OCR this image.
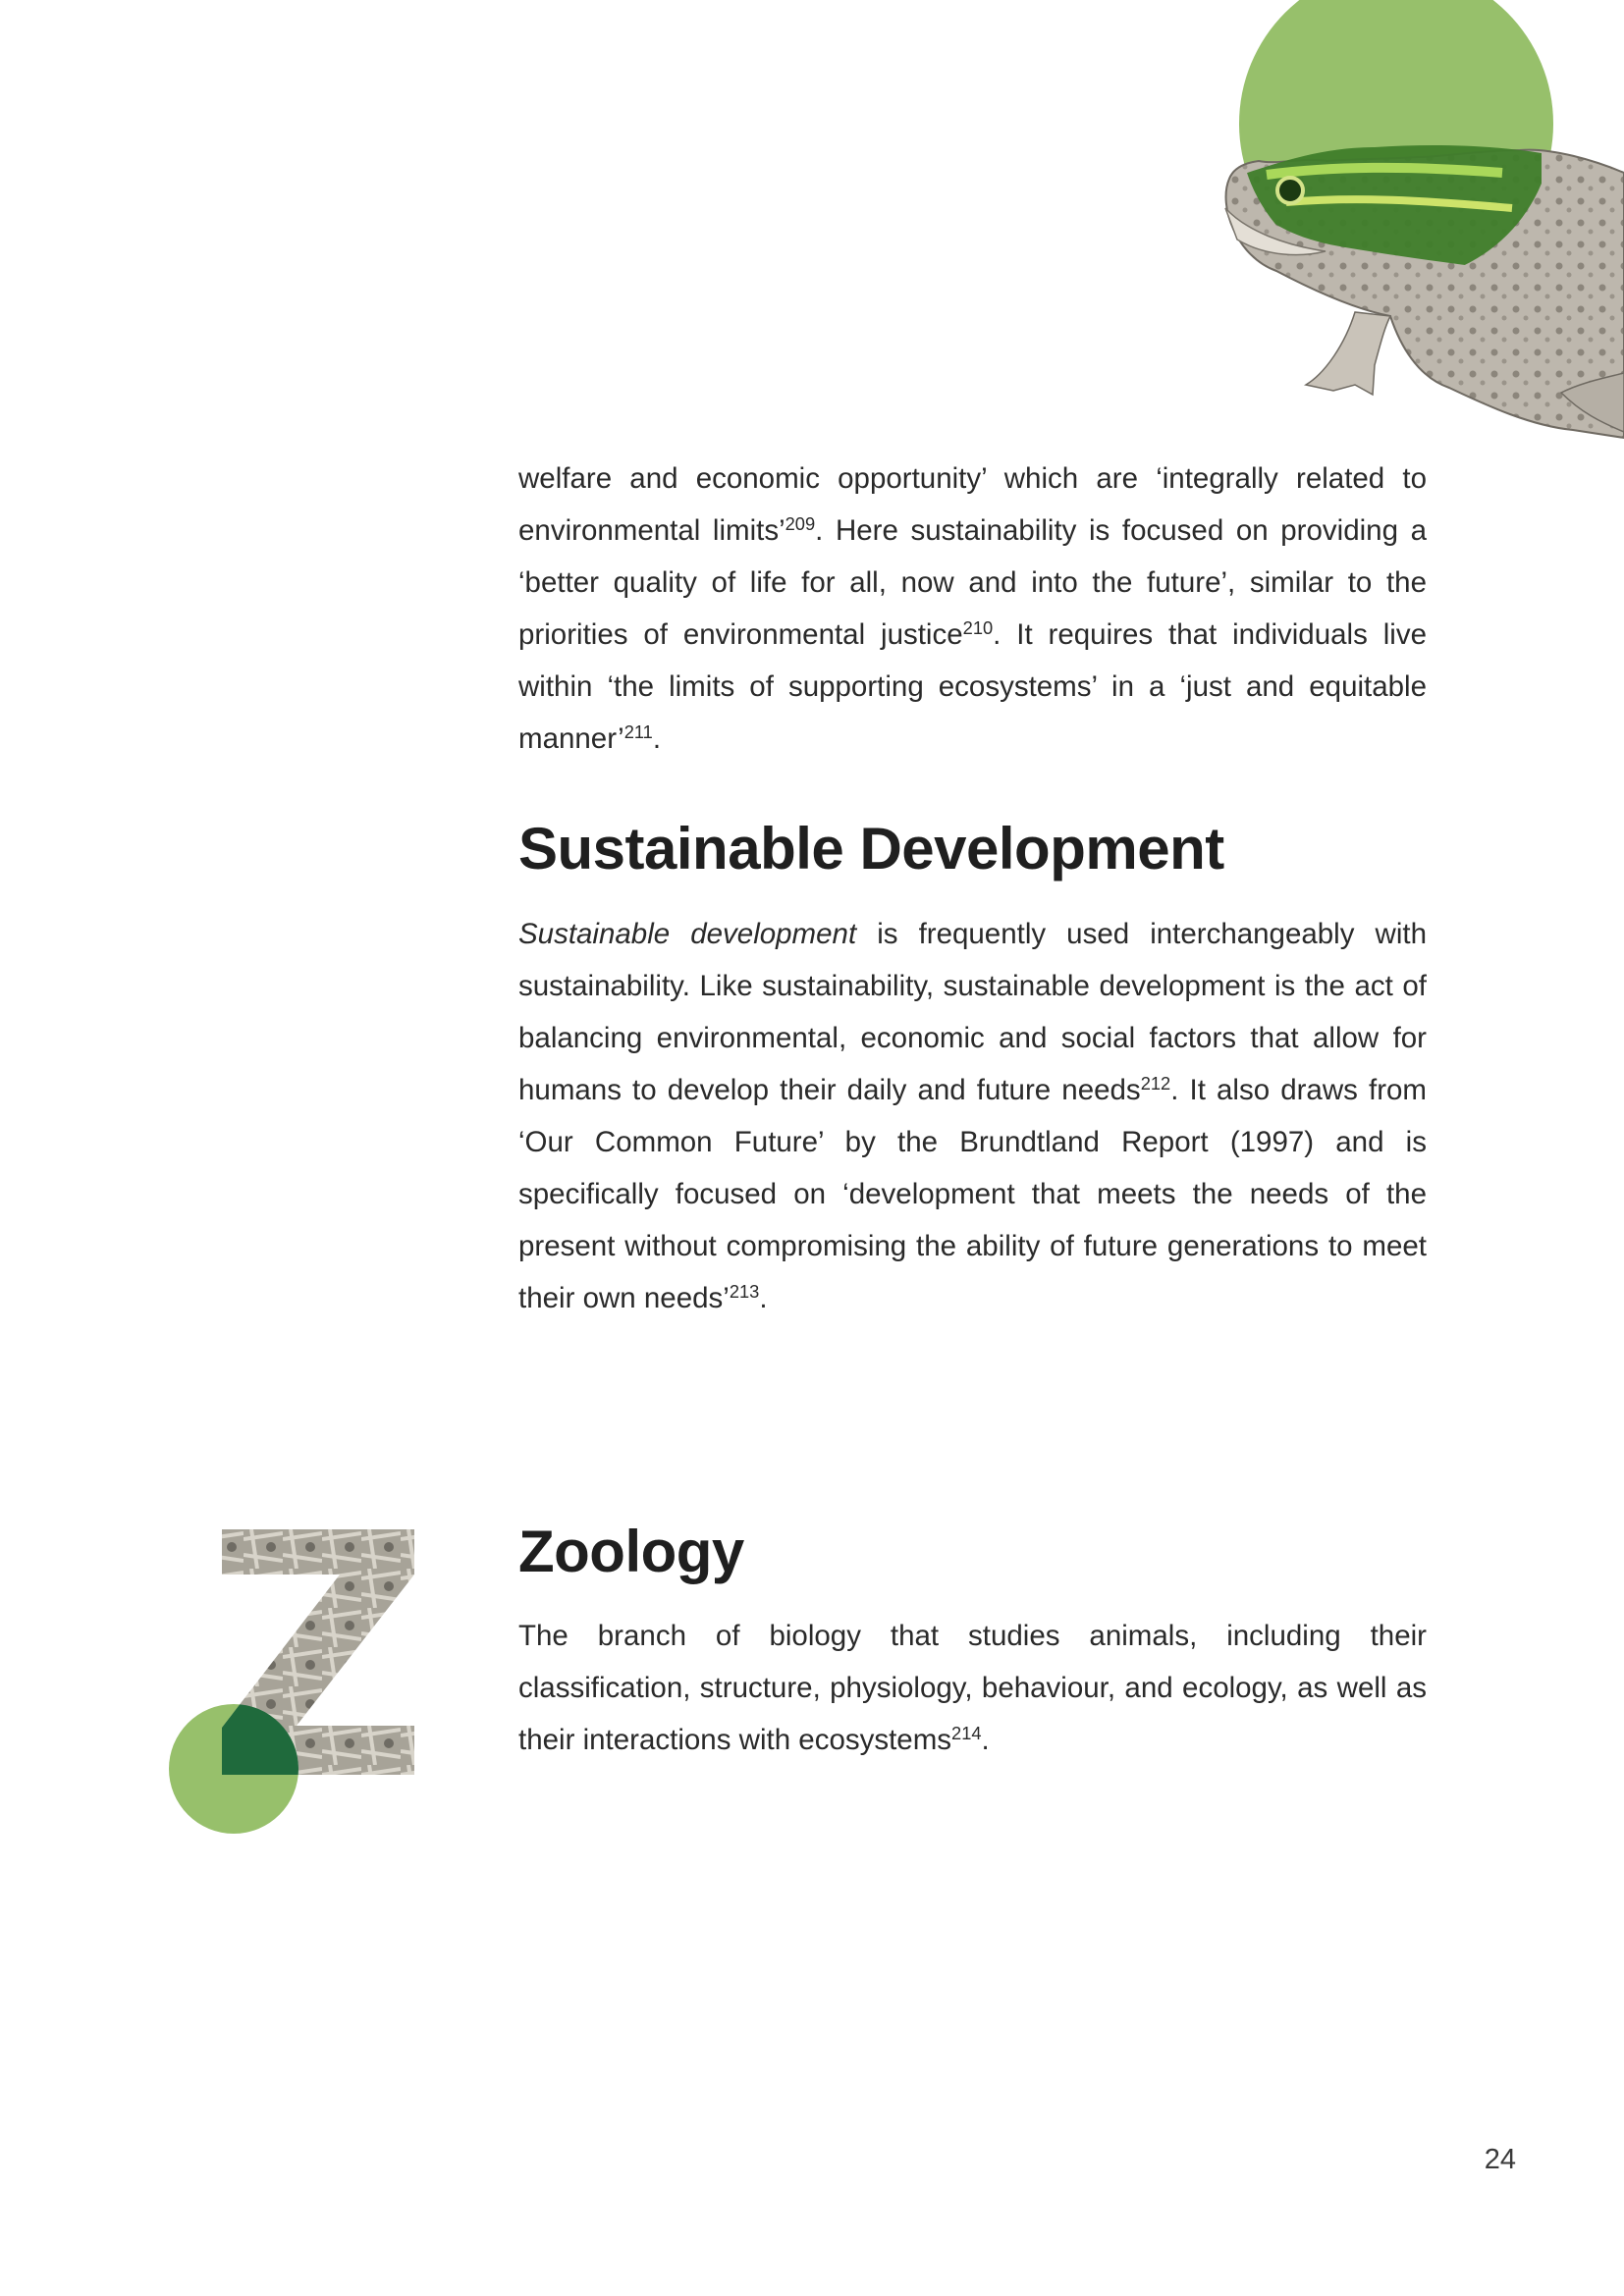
welfare and economic opportunity’ which are ‘integrally related to environmental limits’$^{209}$. Here sustainability is focused on providing a ‘better quality of life for all, now and into the future’, similar to the priorities of environmental justice$^{210}$. It requires that individuals live within ‘the limits of supporting ecosystems’ in a ‘just and equitable manner’$^{211}$.
Sustainable Development
Sustainable development is frequently used interchangeably with sustainability. Like sustainability, sustainable development is the act of balancing environmental, economic and social factors that allow for humans to develop their daily and future needs$^{212}$. It also draws from ‘Our Common Future’ by the Brundtland Report (1997) and is specifically focused on ‘development that meets the needs of the present without compromising the ability of future generations to meet their own needs’$^{213}$.
Zoology
The branch of biology that studies animals, including their classification, structure, physiology, behaviour, and ecology, as well as their interactions with ecosystems$^{214}$.
24
